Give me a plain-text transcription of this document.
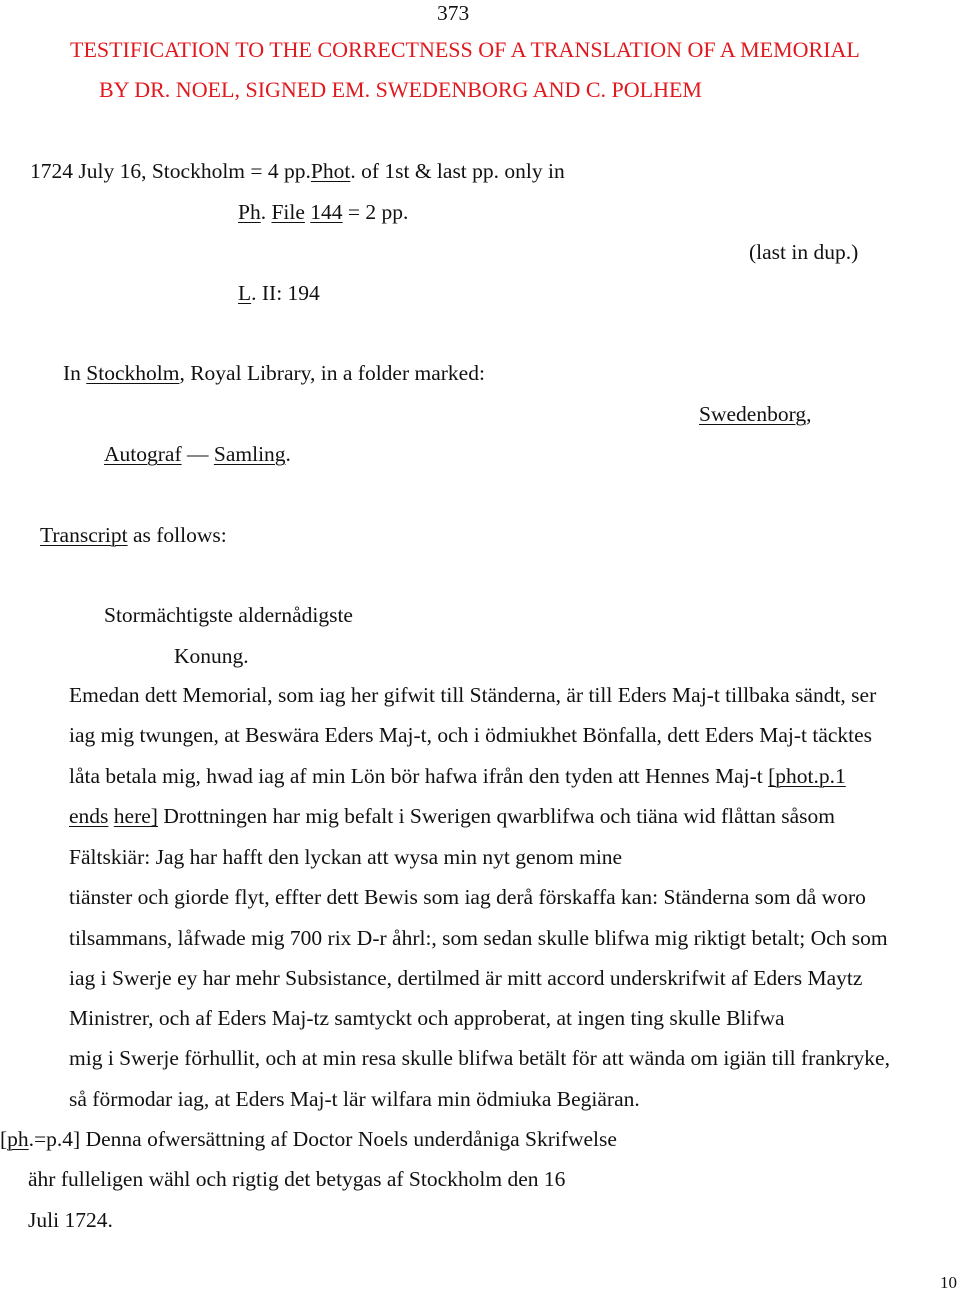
373
TESTIFICATION TO THE CORRECTNESS OF A TRANSLATION OF A MEMORIAL
BY DR. NOEL, SIGNED EM. SWEDENBORG AND C. POLHEM
1724 July 16, Stockholm = 4 pp.Phot. of 1st & last pp. only in
Ph. File 144 = 2 pp.
(last in dup.)
L. II: 194
In Stockholm, Royal Library, in a folder marked:
Swedenborg,
Autograf — Samling.
Transcript as follows:
Stormächtigste aldernådigste
Konung.
Emedan dett Memorial, som iag her gifwit till Ständerna, är till Eders Maj-t tillbaka sändt, ser
iag mig twungen, at Beswära Eders Maj-t, och i ödmiukhet Bönfalla, dett Eders Maj-t täcktes
låta betala mig, hwad iag af min Lön bör hafwa ifrån den tyden att Hennes Maj-t [phot.p.1
ends here] Drottningen har mig befalt i Swerigen qwarblifwa och tiäna wid flåttan såsom
Fältskiär: Jag har hafft den lyckan att wysa min nyt genom mine
tiänster och giorde flyt, effter dett Bewis som iag derå förskaffa kan: Ständerna som då woro
tilsammans, låfwade mig 700 rix D-r åhrl:, som sedan skulle blifwa mig riktigt betalt; Och som
iag i Swerje ey har mehr Subsistance, dertilmed är mitt accord underskrifwit af Eders Maytz
Ministrer, och af Eders Maj-tz samtyckt och approberat, at ingen ting skulle Blifwa
mig i Swerje förhullit, och at min resa skulle blifwa betält för att wända om igiän till frankryke,
så förmodar iag, at Eders Maj-t lär wilfara min ödmiuka Begiäran.
[ph.=p.4] Denna ofwersättning af Doctor Noels underdåniga Skrifwelse
ähr fulleligen wähl och rigtig det betygas af Stockholm den 16
Juli 1724.
10
